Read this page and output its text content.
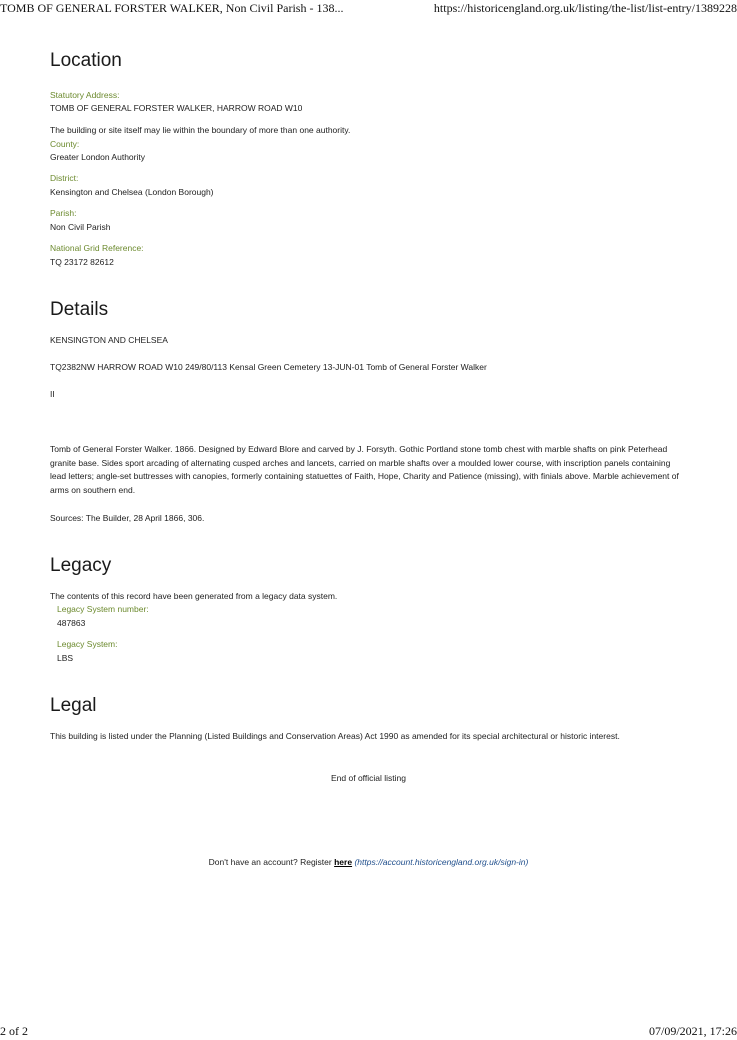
TOMB OF GENERAL FORSTER WALKER, Non Civil Parish - 138...	https://historicengland.org.uk/listing/the-list/list-entry/1389228
Location
Statutory Address:
TOMB OF GENERAL FORSTER WALKER, HARROW ROAD W10
The building or site itself may lie within the boundary of more than one authority.
County:
Greater London Authority
District:
Kensington and Chelsea (London Borough)
Parish:
Non Civil Parish
National Grid Reference:
TQ 23172 82612
Details
KENSINGTON AND CHELSEA
TQ2382NW HARROW ROAD W10 249/80/113 Kensal Green Cemetery 13-JUN-01 Tomb of General Forster Walker
II
Tomb of General Forster Walker. 1866. Designed by Edward Blore and carved by J. Forsyth. Gothic Portland stone tomb chest with marble shafts on pink Peterhead granite base. Sides sport arcading of alternating cusped arches and lancets, carried on marble shafts over a moulded lower course, with inscription panels containing lead letters; angle-set buttresses with canopies, formerly containing statuettes of Faith, Hope, Charity and Patience (missing), with finials above. Marble achievement of arms on southern end.
Sources: The Builder, 28 April 1866, 306.
Legacy
The contents of this record have been generated from a legacy data system.
Legacy System number:
487863
Legacy System:
LBS
Legal
This building is listed under the Planning (Listed Buildings and Conservation Areas) Act 1990 as amended for its special architectural or historic interest.
End of official listing
Don't have an account? Register here (https://account.historicengland.org.uk/sign-in)
2 of 2	07/09/2021, 17:26
